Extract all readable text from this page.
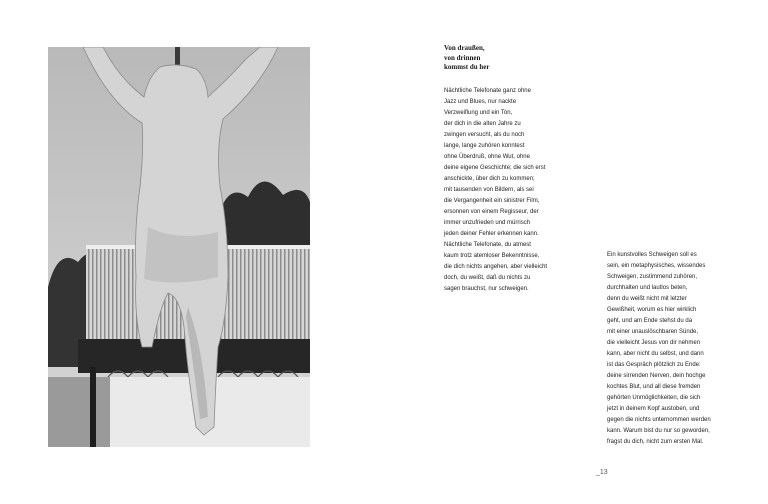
Von draußen,
von drinnen
kommst du her
Nächtliche Telefonate ganz ohne
Jazz und Blues, nur nackte
Verzweiflung und ein Ton,
der dich in die alten Jahre zu
zwingen versucht, als du noch
lange, lange zuhören konntest
ohne Überdruß, ohne Wut, ohne
deine eigene Geschichte; die sich erst
anschickte, über dich zu kommen;
mit tausenden von Bildern, als sei
die Vergangenheit ein sinistrer Film,
ersonnen von einem Regisseur, der
immer unzufrieden und mürrisch
jeden deiner Fehler erkennen kann.
Nächtliche Telefonate, du atmest
kaum trotz atemloser Bekenntnisse,
die dich nichts angehen, aber vielleicht
doch, du weißt, daß du nichts zu
sagen brauchst, nur schweigen.
Ein kunstvolles Schweigen soll es
sein, ein metaphysisches, wissendes
Schweigen, zustimmend zuhören,
durchhalten und lautlos beten,
denn du weißt nicht mit letzter
Gewißheit, worum es hier wirklich
geht, und am Ende stehst du da
mit einer unauslöschbaren Sünde,
die vielleicht Jesus von dir nehmen
kann, aber nicht du selbst, und dann
ist das Gespräch plötzlich zu Ende:
deine sirrenden Nerven, dein hochge
kochtes Blut, und all diese fremden
gehörten Unmöglichkeiten, die sich
jetzt in deinem Kopf austoben, und
gegen die nichts unternommen werden
kann. Warum bist du nur so geworden,
fragst du dich, nicht zum ersten Mal.
_13
